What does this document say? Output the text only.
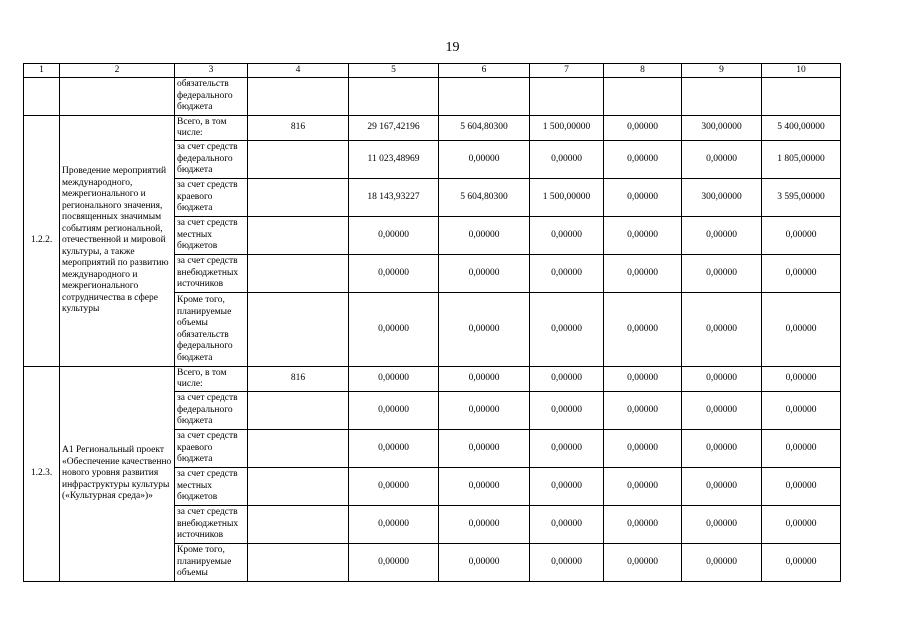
19
1	2	3	4	5	6	7	8	9	10
		обязательств федерального бюджета							
1.2.2.	Проведение мероприятий международного, межрегионального и регионального значения, посвященных значимым событиям региональной, отечественной и мировой культуры, а также мероприятий по развитию международного и межрегионального сотрудничества в сфере культуры	Всего, в том числе:	816	29 167,42196	5 604,80300	1 500,00000	0,00000	300,00000	5 400,00000
		за счет средств федерального бюджета		11 023,48969	0,00000	0,00000	0,00000	0,00000	1 805,00000
		за счет средств краевого бюджета		18 143,93227	5 604,80300	1 500,00000	0,00000	300,00000	3 595,00000
		за счет средств местных бюджетов		0,00000	0,00000	0,00000	0,00000	0,00000	0,00000
		за счет средств внебюджетных источников		0,00000	0,00000	0,00000	0,00000	0,00000	0,00000
		Кроме того, планируемые объемы обязательств федерального бюджета		0,00000	0,00000	0,00000	0,00000	0,00000	0,00000
1.2.3.	А1 Региональный проект «Обеспечение качественно нового уровня развития инфраструктуры культуры («Культурная среда»)»	Всего, в том числе:	816	0,00000	0,00000	0,00000	0,00000	0,00000	0,00000
		за счет средств федерального бюджета		0,00000	0,00000	0,00000	0,00000	0,00000	0,00000
		за счет средств краевого бюджета		0,00000	0,00000	0,00000	0,00000	0,00000	0,00000
		за счет средств местных бюджетов		0,00000	0,00000	0,00000	0,00000	0,00000	0,00000
		за счет средств внебюджетных источников		0,00000	0,00000	0,00000	0,00000	0,00000	0,00000
		Кроме того, планируемые объемы		0,00000	0,00000	0,00000	0,00000	0,00000	0,00000
